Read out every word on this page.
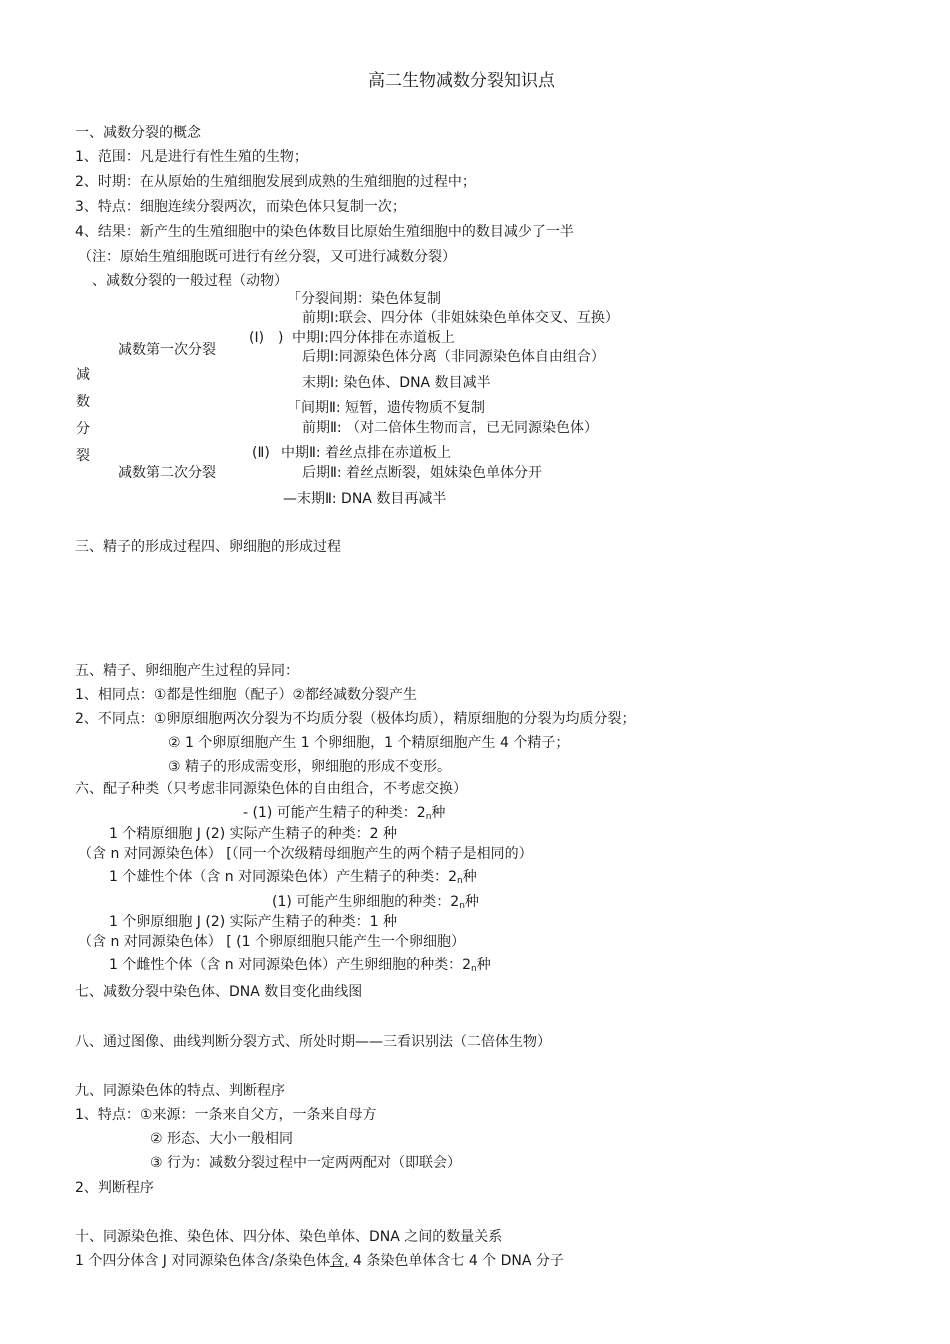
高二生物减数分裂知识点
一、减数分裂的概念
1、范围：凡是进行有性生殖的生物；
2、时期：在从原始的生殖细胞发展到成熟的生殖细胞的过程中；
3、特点：细胞连续分裂两次，而染色体只复制一次；
4、结果：新产生的生殖细胞中的染色体数目比原始生殖细胞中的数目减少了一半
（注：原始生殖细胞既可进行有丝分裂，又可进行减数分裂）
、减数分裂的一般过程（动物）
减
数
分
裂
减数第一次分裂
(I)　)
「分裂间期：染色体复制
前期Ⅰ:联会、四分体（非姐妹染色单体交叉、互换）
中期Ⅰ:四分体排在赤道板上
后期Ⅰ:同源染色体分离（非同源染色体自由组合）
末期Ⅰ: 染色体、DNA 数目减半
减数第二次分裂
(Ⅱ)
「间期Ⅱ: 短暂，遗传物质不复制
前期Ⅱ: （对二倍体生物而言，已无同源染色体）
中期Ⅱ: 着丝点排在赤道板上
后期Ⅱ: 着丝点断裂，姐妹染色单体分开
—末期Ⅱ: DNA 数目再减半
三、精子的形成过程四、卵细胞的形成过程
五、精子、卵细胞产生过程的异同：
1、相同点：①都是性细胞（配子）②都经减数分裂产生
2、不同点：①卵原细胞两次分裂为不均质分裂（极体均质），精原细胞的分裂为均质分裂；
② 1 个卵原细胞产生 1 个卵细胞，1 个精原细胞产生 4 个精子；
③ 精子的形成需变形，卵细胞的形成不变形。
六、配子种类（只考虑非同源染色体的自由组合，不考虑交换）
- (1) 可能产生精子的种类：$2_n$种
1 个精原细胞 J (2) 实际产生精子的种类：2 种
（含 n 对同源染色体） [（同一个次级精母细胞产生的两个精子是相同的）
1 个雄性个体（含 n 对同源染色体）产生精子的种类：$2_n$种
(1) 可能产生卵细胞的种类：$2_n$种
1 个卵原细胞 J (2) 实际产生精子的种类：1 种
（含 n 对同源染色体） [ (1 个卵原细胞只能产生一个卵细胞）
1 个雌性个体（含 n 对同源染色体）产生卵细胞的种类：$2_n$种
七、减数分裂中染色体、DNA 数目变化曲线图
八、通过图像、曲线判断分裂方式、所处时期——三看识别法（二倍体生物）
九、同源染色体的特点、判断程序
1、特点：①来源：一条来自父方，一条来自母方
② 形态、大小一般相同
③ 行为：减数分裂过程中一定两两配对（即联会）
2、判断程序
十、同源染色推、染色体、四分体、染色单体、DNA 之间的数量关系
1 个四分体含 J 对同源染色体含/条染色体含, 4 条染色单体含七 4 个 DNA 分子
